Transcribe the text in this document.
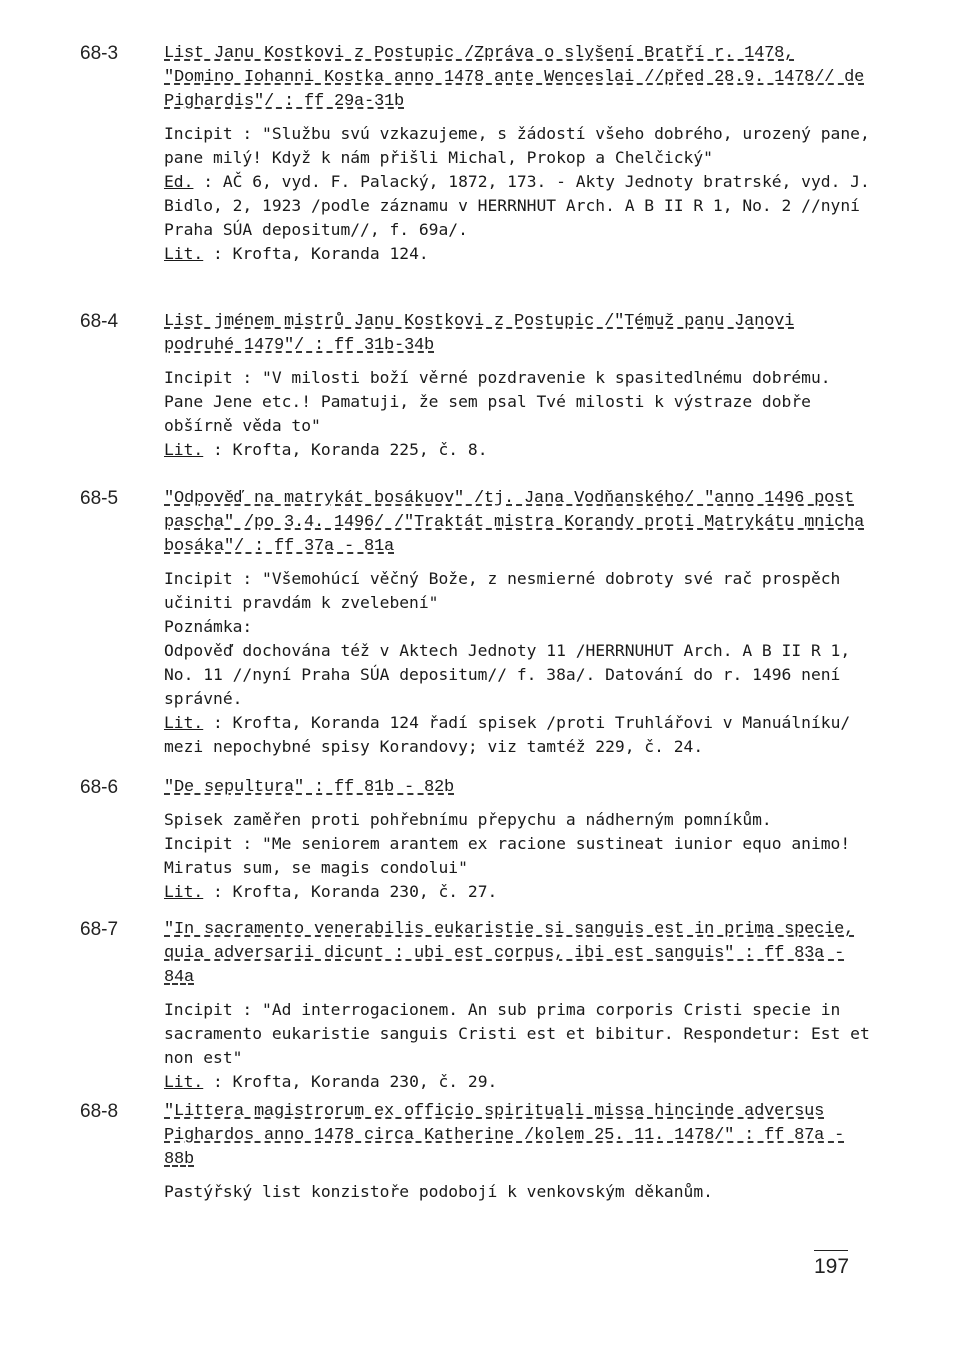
68-3	List Janu Kostkovi z Postupic /Zpráva o slyšení Bratří r. 1478, "Domino Iohanni Kostka anno 1478 ante Wenceslai //před 28.9. 1478// de Pighardis"/ : ff 29a-31b

Incipit : "Službu svú vzkazujeme, s žádostí všeho dobrého, urozený pane, pane milý! Když k nám přišli Michal, Prokop a Chelčický"

Ed. : AČ 6, vyd. F. Palacký, 1872, 173. - Akty Jednoty bratrské, vyd. J. Bidlo, 2, 1923 /podle záznamu v HERRNHUT Arch. A B II R 1, No. 2 //nyní Praha SÚA depositum//, f. 69a/.

Lit. : Krofta, Koranda 124.

68-4	List jménem mistrů Janu Kostkovi z Postupic /"Témuž panu Janovi podruhé 1479"/ : ff 31b-34b

Incipit : "V milosti boží věrné pozdravenie k spasitedlnému dobrému. Pane Jene etc.! Pamatuji, že sem psal Tvé milosti k výstraze dobře obšírně věda to"

Lit. : Krofta, Koranda 225, č. 8.

68-5	"Odpověď na matrykát bosákuov" /tj. Jana Vodňanského/ "anno 1496 post pascha" /po 3.4. 1496/ /"Traktát mistra Korandy proti Matrykátu mnicha bosáka"/ : ff 37a - 81a

Incipit : "Všemohúcí věčný Bože, z nesmierné dobroty své rač prospěch učiniti pravdám k zvelebení"

Poznámka:

Odpověď dochována též v Aktech Jednoty 11 /HERRNUHUT Arch. A B II R 1, No. 11 //nyní Praha SÚA depositum// f. 38a/. Datování do r. 1496 není správné.

Lit. : Krofta, Koranda 124 řadí spisek /proti Truhlářovi v Manuálníku/ mezi nepochybné spisy Korandovy; viz tamtéž 229, č. 24.

68-6	"De sepultura" : ff 81b - 82b

Spisek zaměřen proti pohřebnímu přepychu a nádherným pomníkům.

Incipit : "Me seniorem arantem ex racione sustineat iunior equo animo! Miratus sum, se magis condolui"

Lit. : Krofta, Koranda 230, č. 27.

68-7	"In sacramento venerabilis eukaristie si sanguis est in prima specie, quia adversarii dicunt : ubi est corpus, ibi est sanguis" : ff 83a - 84a

Incipit : "Ad interrogacionem. An sub prima corporis Cristi specie in sacramento eukaristie sanguis Cristi est et bibitur. Respondetur: Est et non est"

Lit. : Krofta, Koranda 230, č. 29.

68-8	"Littera magistrorum ex officio spirituali missa hincinde adversus Pighardos anno 1478 circa Katherine /kolem 25. 11. 1478/" : ff 87a - 88b

Pastýřský list konzistoře podobojí k venkovským děkanům.

197
